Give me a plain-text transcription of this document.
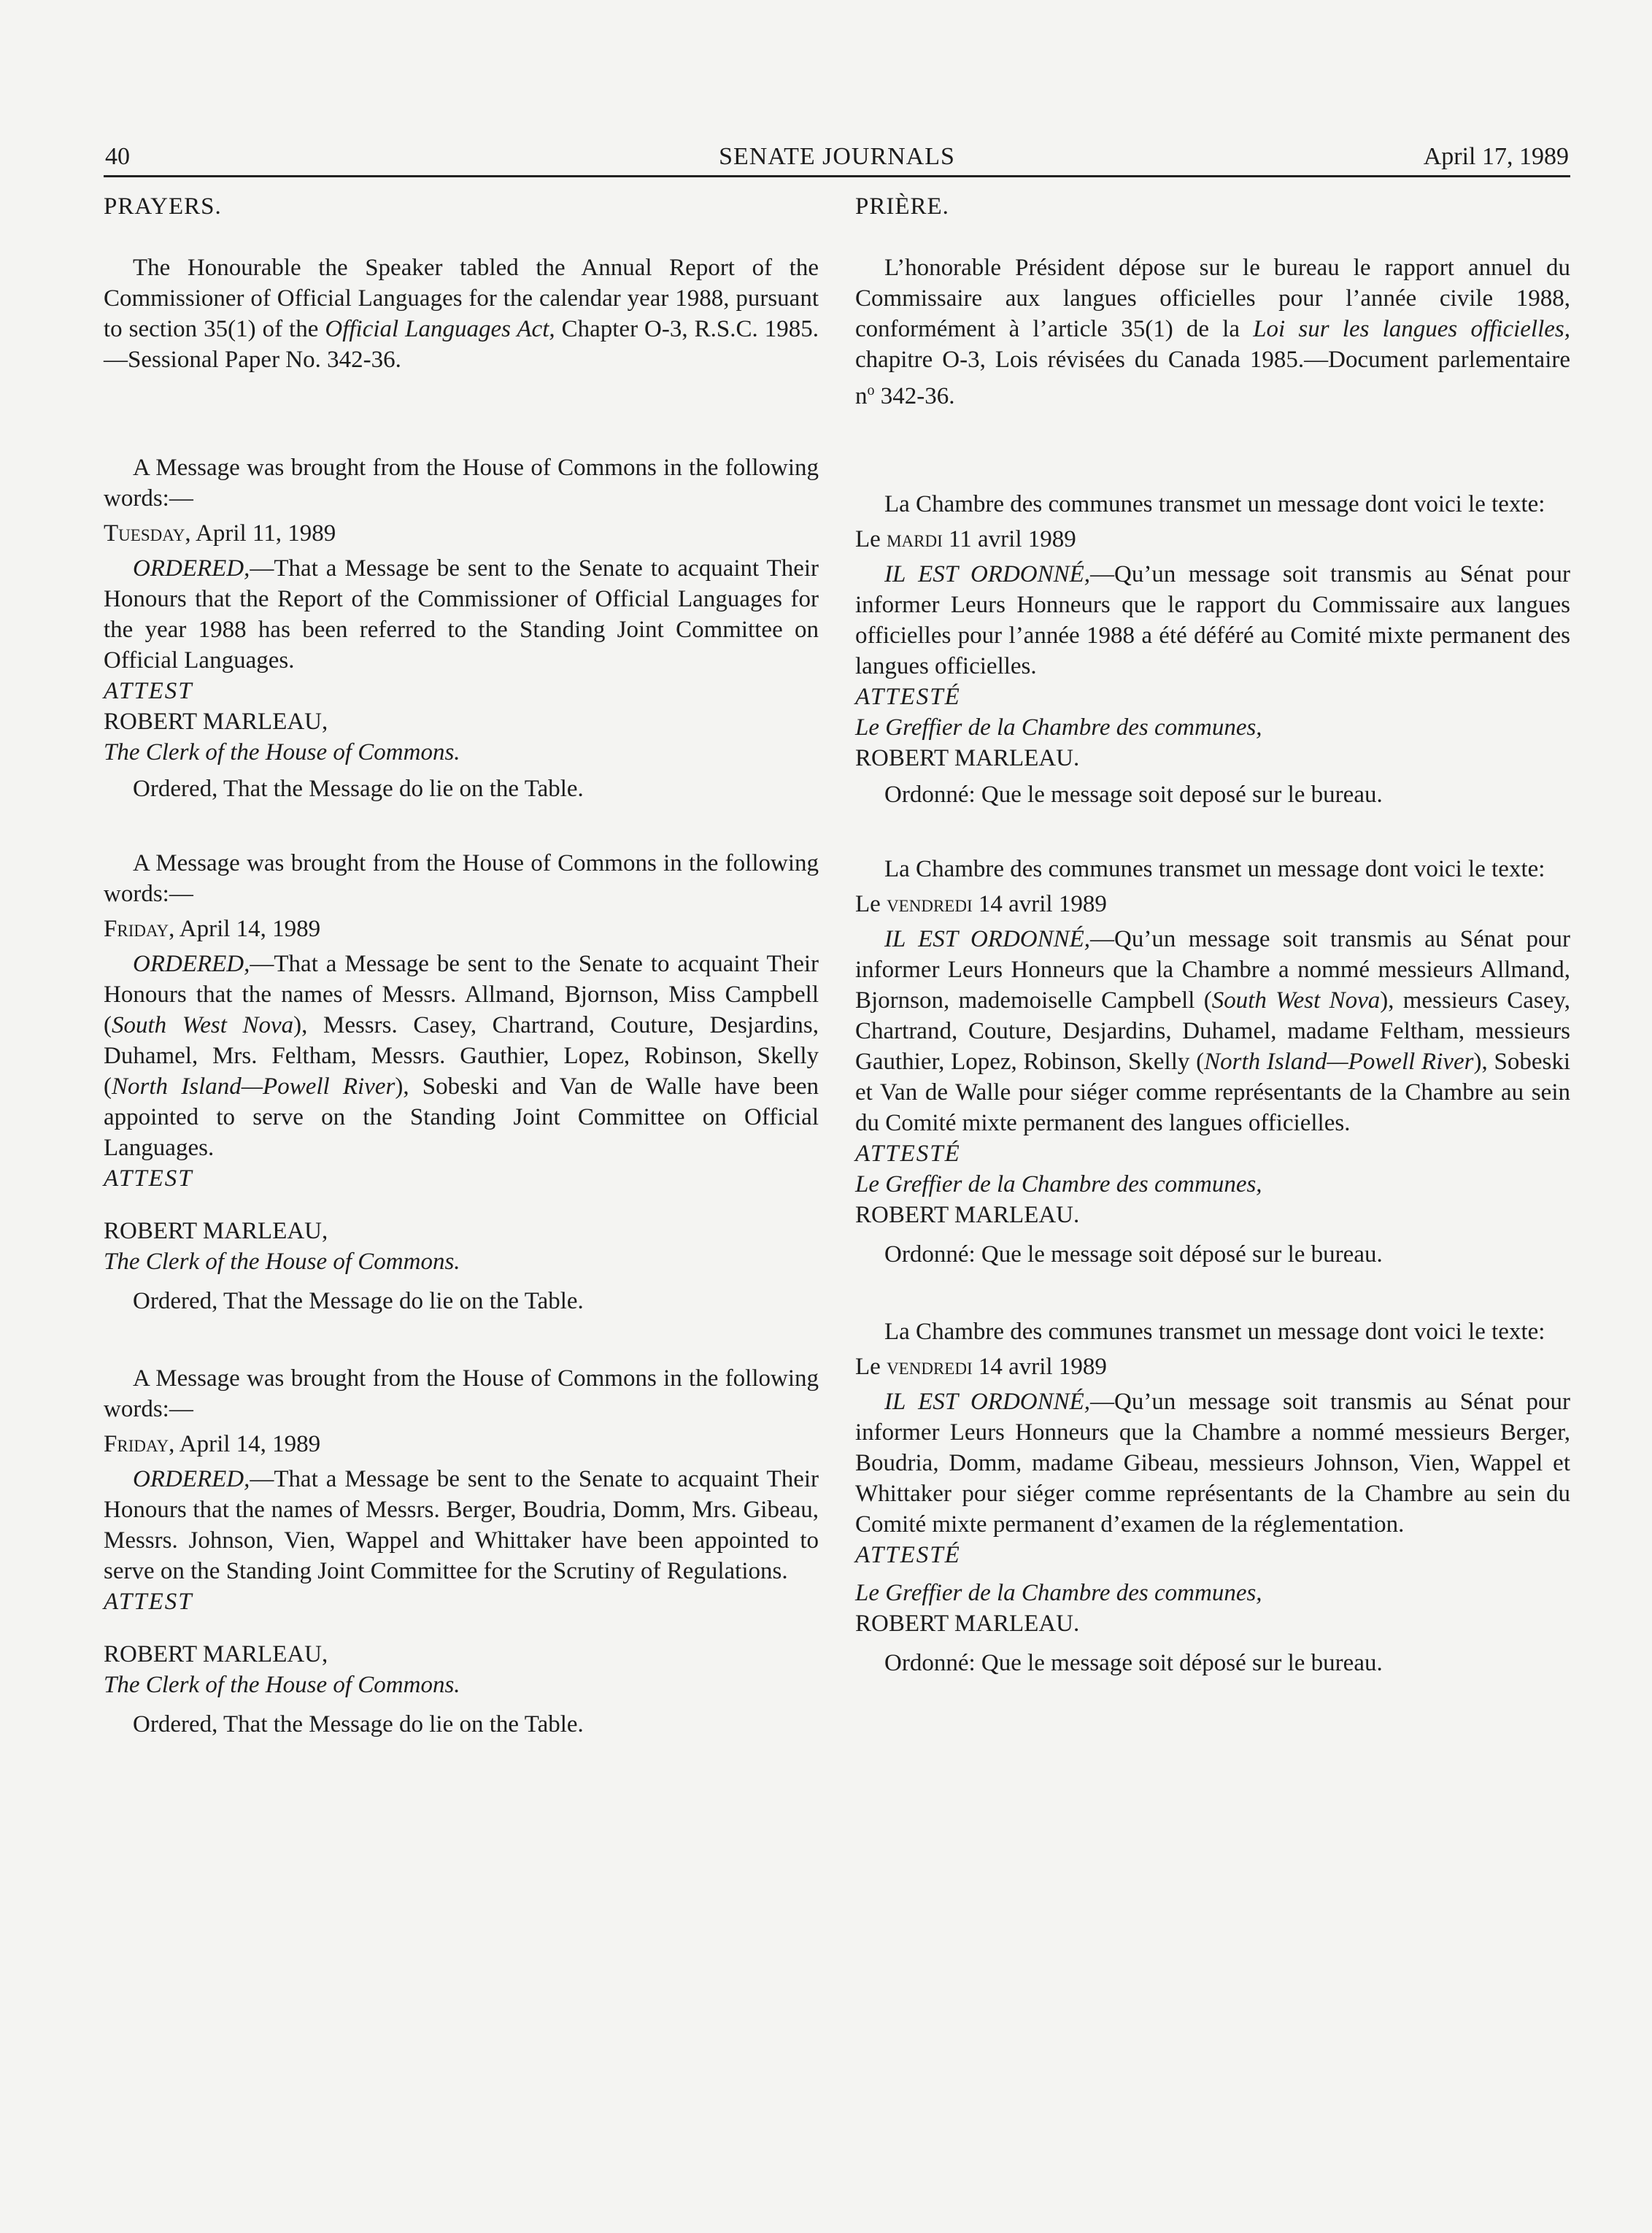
40	SENATE JOURNALS	April 17, 1989

PRAYERS.

The Honourable the Speaker tabled the Annual Report of the Commissioner of Official Languages for the calendar year 1988, pursuant to section 35(1) of the Official Languages Act, Chapter O-3, R.S.C. 1985.—Sessional Paper No. 342-36.

A Message was brought from the House of Commons in the following words:—

Tuesday, April 11, 1989

ORDERED,—That a Message be sent to the Senate to acquaint Their Honours that the Report of the Commissioner of Official Languages for the year 1988 has been referred to the Standing Joint Committee on Official Languages.

ATTEST

ROBERT MARLEAU,

The Clerk of the House of Commons.

Ordered, That the Message do lie on the Table.

A Message was brought from the House of Commons in the following words:—

Friday, April 14, 1989

ORDERED,—That a Message be sent to the Senate to acquaint Their Honours that the names of Messrs. Allmand, Bjornson, Miss Campbell (South West Nova), Messrs. Casey, Chartrand, Couture, Desjardins, Duhamel, Mrs. Feltham, Messrs. Gauthier, Lopez, Robinson, Skelly (North Island—Powell River), Sobeski and Van de Walle have been appointed to serve on the Standing Joint Committee on Official Languages.

ATTEST

ROBERT MARLEAU,

The Clerk of the House of Commons.

Ordered, That the Message do lie on the Table.

A Message was brought from the House of Commons in the following words:—

Friday, April 14, 1989

ORDERED,—That a Message be sent to the Senate to acquaint Their Honours that the names of Messrs. Berger, Boudria, Domm, Mrs. Gibeau, Messrs. Johnson, Vien, Wappel and Whittaker have been appointed to serve on the Standing Joint Committee for the Scrutiny of Regulations.

ATTEST

ROBERT MARLEAU,

The Clerk of the House of Commons.

Ordered, That the Message do lie on the Table.

PRIÈRE.

L’honorable Président dépose sur le bureau le rapport annuel du Commissaire aux langues officielles pour l’année civile 1988, conformément à l’article 35(1) de la Loi sur les langues officielles, chapitre O-3, Lois révisées du Canada 1985.—Document parlementaire $n^o$ 342-36.

La Chambre des communes transmet un message dont voici le texte:

Le mardi 11 avril 1989

IL EST ORDONNÉ,—Qu’un message soit transmis au Sénat pour informer Leurs Honneurs que le rapport du Commissaire aux langues officielles pour l’année 1988 a été déféré au Comité mixte permanent des langues officielles.

ATTESTÉ

Le Greffier de la Chambre des communes,

ROBERT MARLEAU.

Ordonné: Que le message soit deposé sur le bureau.

La Chambre des communes transmet un message dont voici le texte:

Le vendredi 14 avril 1989

IL EST ORDONNÉ,—Qu’un message soit transmis au Sénat pour informer Leurs Honneurs que la Chambre a nommé messieurs Allmand, Bjornson, mademoiselle Campbell (South West Nova), messieurs Casey, Chartrand, Couture, Desjardins, Duhamel, madame Feltham, messieurs Gauthier, Lopez, Robinson, Skelly (North Island—Powell River), Sobeski et Van de Walle pour siéger comme représentants de la Chambre au sein du Comité mixte permanent des langues officielles.

ATTESTÉ

Le Greffier de la Chambre des communes,

ROBERT MARLEAU.

Ordonné: Que le message soit déposé sur le bureau.

La Chambre des communes transmet un message dont voici le texte:

Le vendredi 14 avril 1989

IL EST ORDONNÉ,—Qu’un message soit transmis au Sénat pour informer Leurs Honneurs que la Chambre a nommé messieurs Berger, Boudria, Domm, madame Gibeau, messieurs Johnson, Vien, Wappel et Whittaker pour siéger comme représentants de la Chambre au sein du Comité mixte permanent d’examen de la réglementation.

ATTESTÉ

Le Greffier de la Chambre des communes,

ROBERT MARLEAU.

Ordonné: Que le message soit déposé sur le bureau.
